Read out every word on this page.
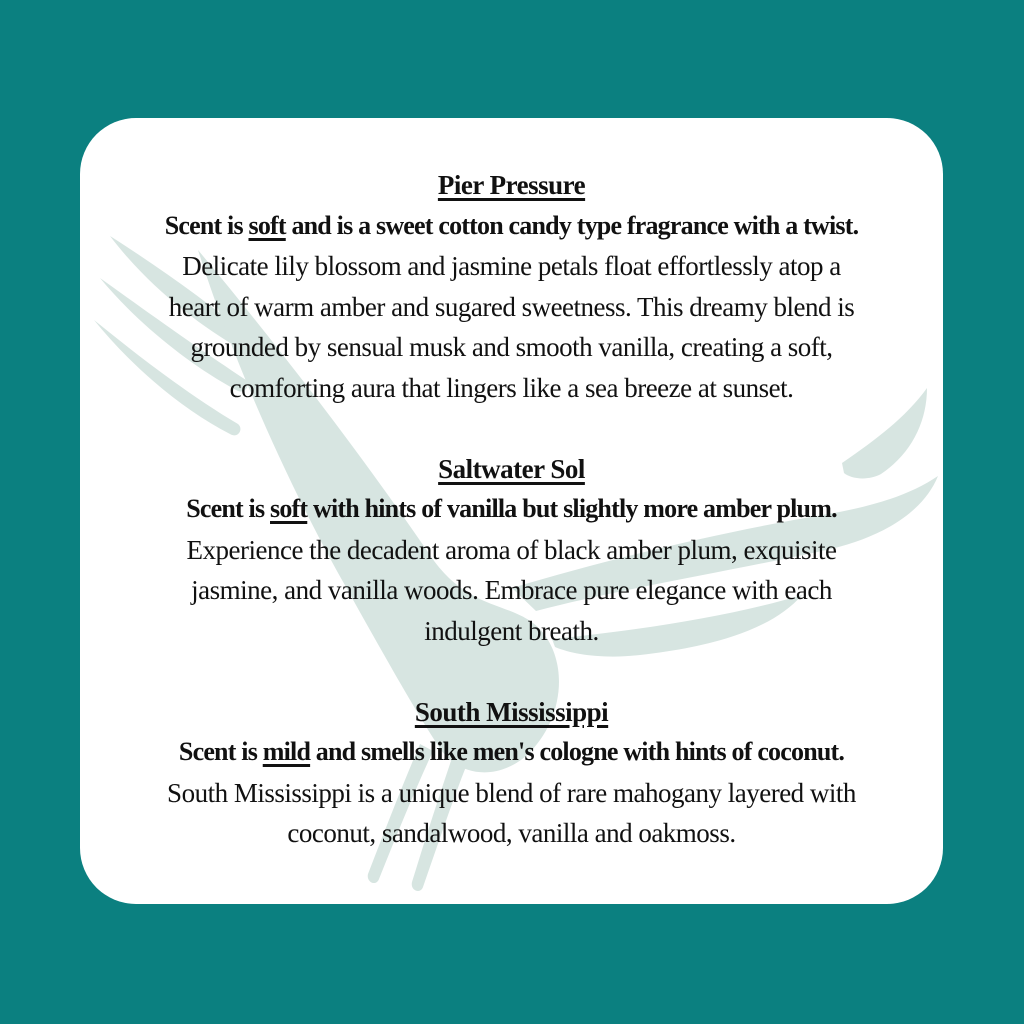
Pier Pressure
Scent is soft and is a sweet cotton candy type fragrance with a twist.
Delicate lily blossom and jasmine petals float effortlessly atop a
heart of warm amber and sugared sweetness. This dreamy blend is
grounded by sensual musk and smooth vanilla, creating a soft,
comforting aura that lingers like a sea breeze at sunset.
Saltwater Sol
Scent is soft with hints of vanilla but slightly more amber plum.
Experience the decadent aroma of black amber plum, exquisite
jasmine, and vanilla woods. Embrace pure elegance with each
indulgent breath.
South Mississippi
Scent is mild and smells like men's cologne with hints of coconut.
South Mississippi is a unique blend of rare mahogany layered with
coconut, sandalwood, vanilla and oakmoss.
